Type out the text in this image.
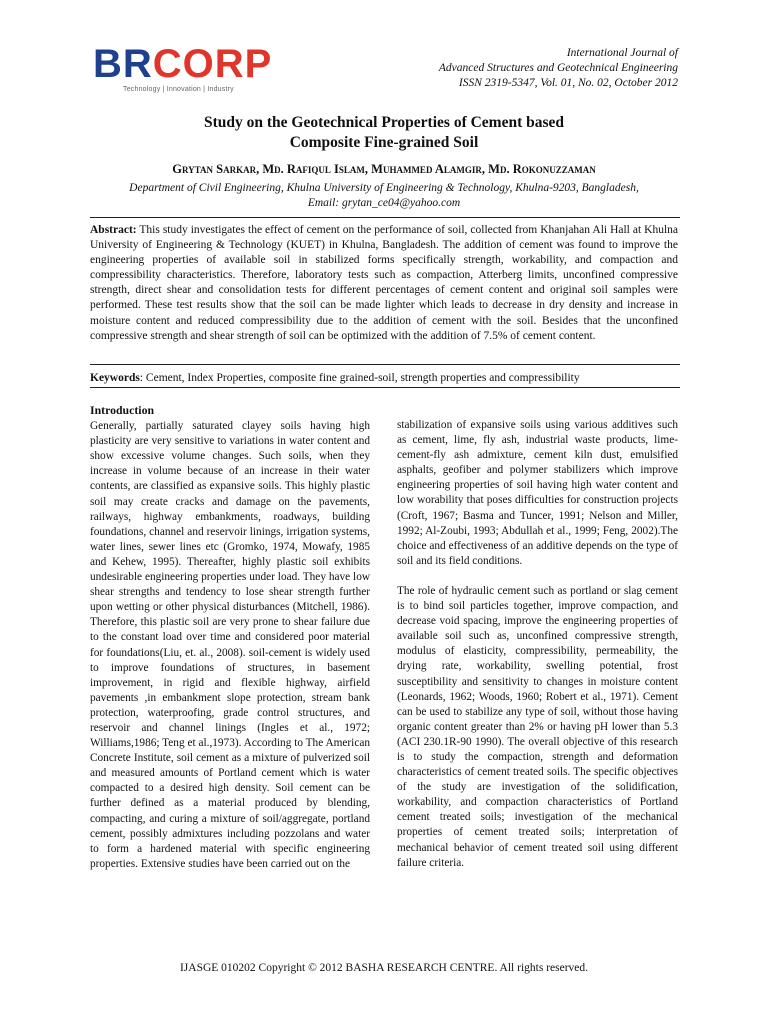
BRCORP
Technology | Innovation | Industry
International Journal of
Advanced Structures and Geotechnical Engineering
ISSN 2319-5347, Vol. 01, No. 02, October 2012
Study on the Geotechnical Properties of Cement based
Composite Fine-grained Soil
Grytan Sarkar, Md. Rafiqul Islam, Muhammed Alamgir, Md. Rokonuzzaman
Department of Civil Engineering, Khulna University of Engineering & Technology, Khulna-9203, Bangladesh,
Email: grytan_ce04@yahoo.com
Abstract: This study investigates the effect of cement on the performance of soil, collected from Khanjahan Ali Hall at Khulna University of Engineering & Technology (KUET) in Khulna, Bangladesh. The addition of cement was found to improve the engineering properties of available soil in stabilized forms specifically strength, workability, and compaction and compressibility characteristics. Therefore, laboratory tests such as compaction, Atterberg limits, unconfined compressive strength, direct shear and consolidation tests for different percentages of cement content and original soil samples were performed. These test results show that the soil can be made lighter which leads to decrease in dry density and increase in moisture content and reduced compressibility due to the addition of cement with the soil. Besides that the unconfined compressive strength and shear strength of soil can be optimized with the addition of 7.5% of cement content.
Keywords: Cement, Index Properties, composite fine grained-soil, strength properties and compressibility
Introduction

Generally, partially saturated clayey soils having high plasticity are very sensitive to variations in water content and show excessive volume changes. Such soils, when they increase in volume because of an increase in their water contents, are classified as expansive soils. This highly plastic soil may create cracks and damage on the pavements, railways, highway embankments, roadways, building foundations, channel and reservoir linings, irrigation systems, water lines, sewer lines etc (Gromko, 1974, Mowafy, 1985 and Kehew, 1995). Thereafter, highly plastic soil exhibits undesirable engineering properties under load. They have low shear strengths and tendency to lose shear strength further upon wetting or other physical disturbances (Mitchell, 1986). Therefore, this plastic soil are very prone to shear failure due to the constant load over time and considered poor material for foundations(Liu, et. al., 2008). soil-cement is widely used to improve foundations of structures, in basement improvement, in rigid and flexible highway, airfield pavements ,in embankment slope protection, stream bank protection, waterproofing, grade control structures, and reservoir and channel linings (Ingles et al., 1972; Williams,1986; Teng et al.,1973). According to The American Concrete Institute, soil cement as a mixture of pulverized soil and measured amounts of Portland cement which is water compacted to a desired high density. Soil cement can be further defined as a material produced by blending, compacting, and curing a mixture of soil/aggregate, portland cement, possibly admixtures including pozzolans and water to form a hardened material with specific engineering properties. Extensive studies have been carried out on the

stabilization of expansive soils using various additives such as cement, lime, fly ash, industrial waste products, lime-cement-fly ash admixture, cement kiln dust, emulsified asphalts, geofiber and polymer stabilizers which improve engineering properties of soil having high water content and low worability that poses difficulties for construction projects (Croft, 1967; Basma and Tuncer, 1991; Nelson and Miller, 1992; Al-Zoubi, 1993; Abdullah et al., 1999; Feng, 2002).The choice and effectiveness of an additive depends on the type of soil and its field conditions.

The role of hydraulic cement such as portland or slag cement is to bind soil particles together, improve compaction, and decrease void spacing, improve the engineering properties of available soil such as, unconfined compressive strength, modulus of elasticity, compressibility, permeability, the drying rate, workability, swelling potential, frost susceptibility and sensitivity to changes in moisture content (Leonards, 1962; Woods, 1960; Robert et al., 1971). Cement can be used to stabilize any type of soil, without those having organic content greater than 2% or having pH lower than 5.3 (ACI 230.1R-90 1990). The overall objective of this research is to study the compaction, strength and deformation characteristics of cement treated soils. The specific objectives of the study are investigation of the solidification, workability, and compaction characteristics of Portland cement treated soils; investigation of the mechanical properties of cement treated soils; interpretation of mechanical behavior of cement treated soil using different failure criteria.

IJASGE 010202 Copyright © 2012 BASHA RESEARCH CENTRE. All rights reserved.
